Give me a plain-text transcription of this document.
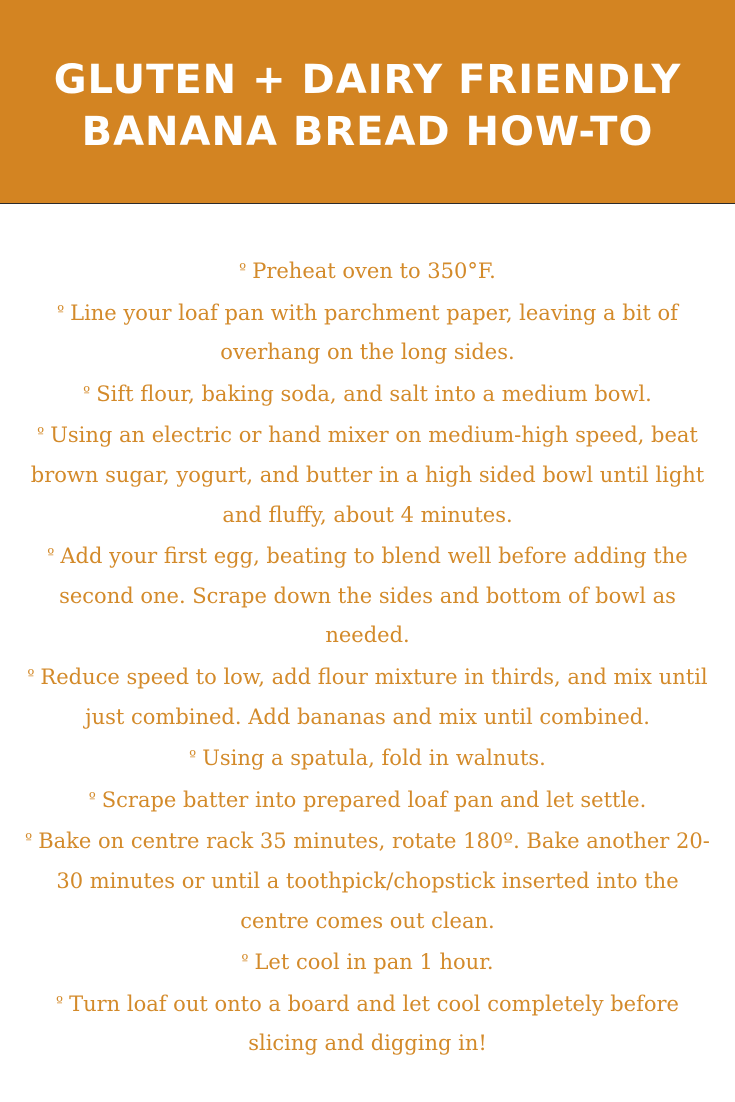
GLUTEN + DAIRY FRIENDLY
BANANA BREAD HOW-TO
º Preheat oven to 350°F.
º Line your loaf pan with parchment paper, leaving a bit of overhang on the long sides.
º Sift flour, baking soda, and salt into a medium bowl.
º Using an electric or hand mixer on medium-high speed, beat brown sugar, yogurt, and butter in a high sided bowl until light and fluffy, about 4 minutes.
º Add your first egg, beating to blend well before adding the second one. Scrape down the sides and bottom of bowl as needed.
º Reduce speed to low, add flour mixture in thirds, and mix until just combined. Add bananas and mix until combined.
º Using a spatula, fold in walnuts.
º Scrape batter into prepared loaf pan and let settle.
º Bake on centre rack 35 minutes, rotate 180º. Bake another 20-30 minutes or until a toothpick/chopstick inserted into the centre comes out clean.
º Let cool in pan 1 hour.
º Turn loaf out onto a board and let cool completely before slicing and digging in!
